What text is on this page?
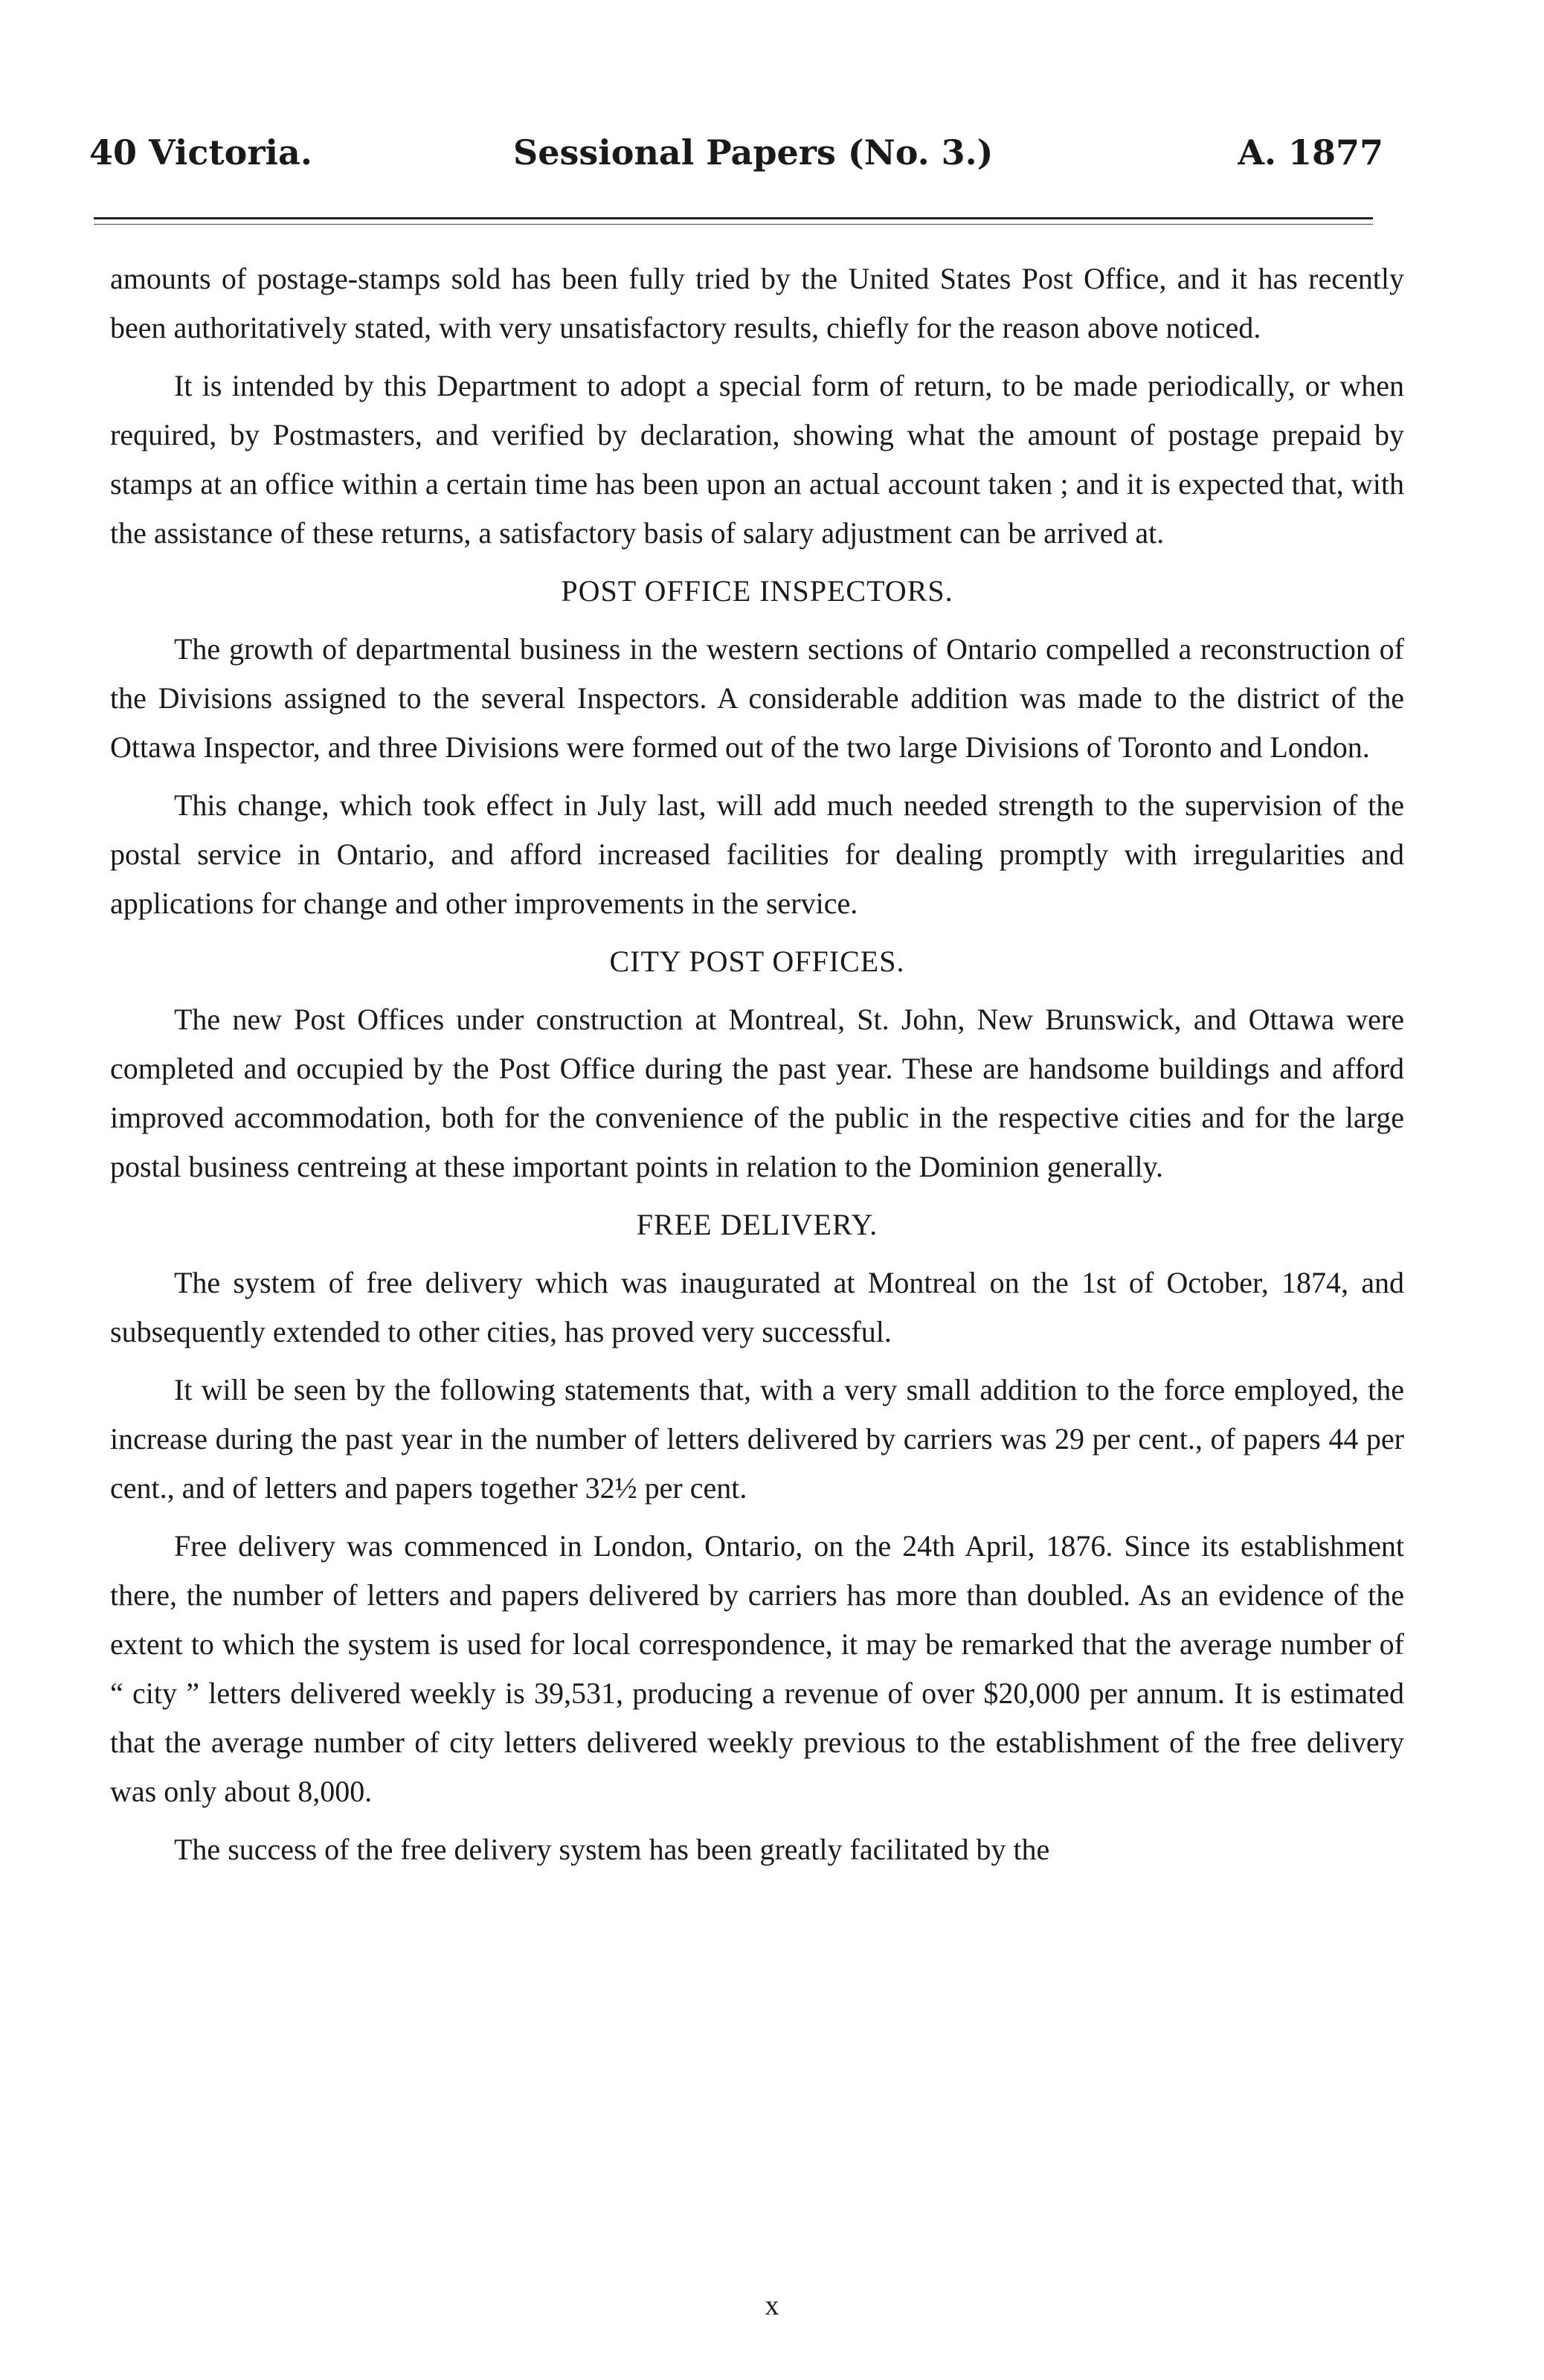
40 Victoria.	Sessional Papers (No. 3.)	A. 1877

amounts of postage-stamps sold has been fully tried by the United States Post Office, and it has recently been authoritatively stated, with very unsatisfactory results, chiefly for the reason above noticed.

It is intended by this Department to adopt a special form of return, to be made periodically, or when required, by Postmasters, and verified by declaration, showing what the amount of postage prepaid by stamps at an office within a certain time has been upon an actual account taken ; and it is expected that, with the assistance of these returns, a satisfactory basis of salary adjustment can be arrived at.

POST OFFICE INSPECTORS.

The growth of departmental business in the western sections of Ontario compelled a reconstruction of the Divisions assigned to the several Inspectors. A considerable addition was made to the district of the Ottawa Inspector, and three Divisions were formed out of the two large Divisions of Toronto and London.

This change, which took effect in July last, will add much needed strength to the supervision of the postal service in Ontario, and afford increased facilities for dealing promptly with irregularities and applications for change and other improvements in the service.

CITY POST OFFICES.

The new Post Offices under construction at Montreal, St. John, New Brunswick, and Ottawa were completed and occupied by the Post Office during the past year. These are handsome buildings and afford improved accommodation, both for the convenience of the public in the respective cities and for the large postal business centreing at these important points in relation to the Dominion generally.

FREE DELIVERY.

The system of free delivery which was inaugurated at Montreal on the 1st of October, 1874, and subsequently extended to other cities, has proved very successful.

It will be seen by the following statements that, with a very small addition to the force employed, the increase during the past year in the number of letters delivered by carriers was 29 per cent., of papers 44 per cent., and of letters and papers together 32½ per cent.

Free delivery was commenced in London, Ontario, on the 24th April, 1876. Since its establishment there, the number of letters and papers delivered by carriers has more than doubled. As an evidence of the extent to which the system is used for local correspondence, it may be remarked that the average number of “ city ” letters delivered weekly is 39,531, producing a revenue of over $20,000 per annum. It is estimated that the average number of city letters delivered weekly previous to the establishment of the free delivery was only about 8,000.

The success of the free delivery system has been greatly facilitated by the

x
